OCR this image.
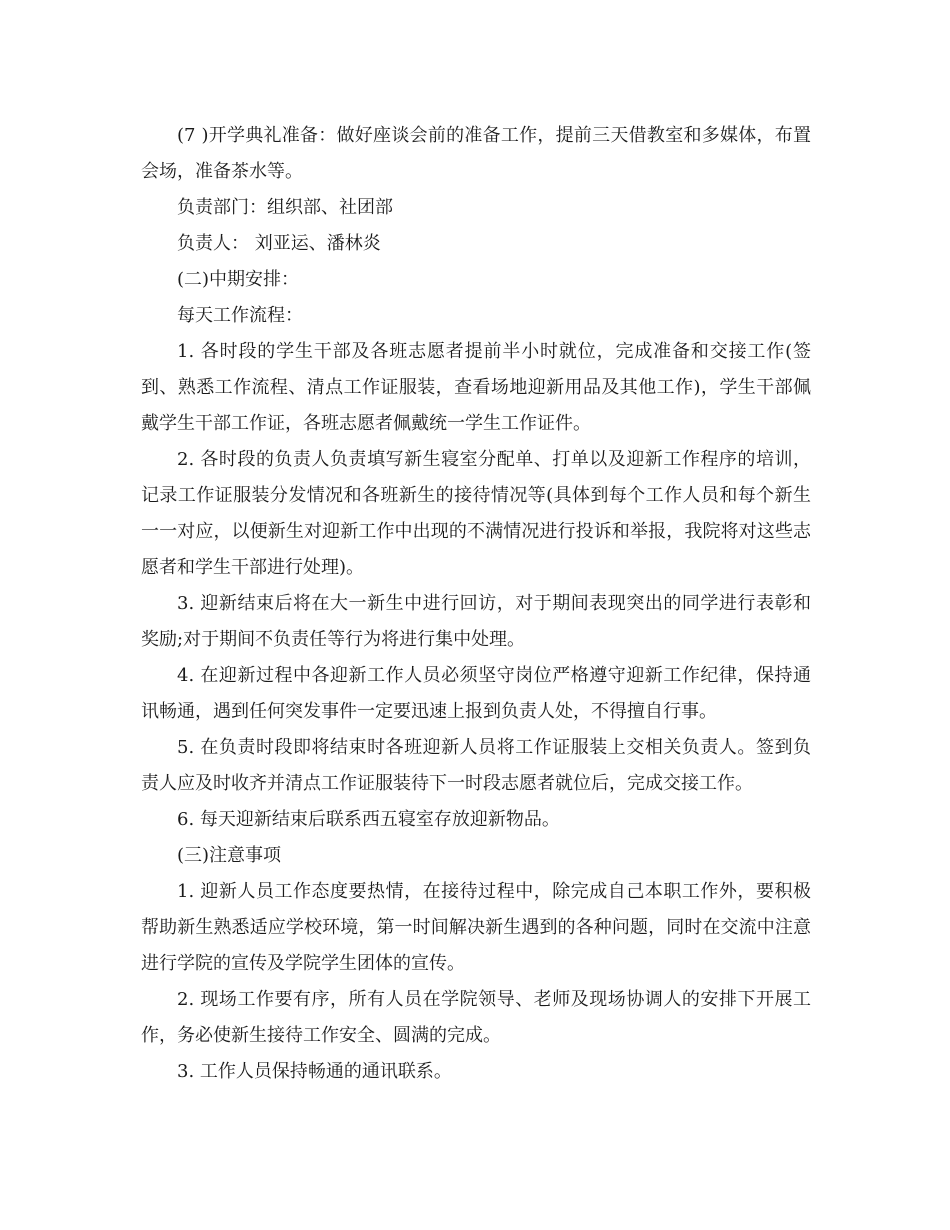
(7 )开学典礼准备：做好座谈会前的准备工作，提前三天借教室和多媒体，布置会场，准备茶水等。

负责部门：组织部、社团部

负责人： 刘亚运、潘林炎

(二)中期安排：

每天工作流程：

1. 各时段的学生干部及各班志愿者提前半小时就位，完成准备和交接工作(签到、熟悉工作流程、清点工作证服装，查看场地迎新用品及其他工作)，学生干部佩戴学生干部工作证，各班志愿者佩戴统一学生工作证件。

2. 各时段的负责人负责填写新生寝室分配单、打单以及迎新工作程序的培训，记录工作证服装分发情况和各班新生的接待情况等(具体到每个工作人员和每个新生一一对应，以便新生对迎新工作中出现的不满情况进行投诉和举报，我院将对这些志愿者和学生干部进行处理)。

3. 迎新结束后将在大一新生中进行回访，对于期间表现突出的同学进行表彰和奖励;对于期间不负责任等行为将进行集中处理。

4. 在迎新过程中各迎新工作人员必须坚守岗位严格遵守迎新工作纪律，保持通讯畅通，遇到任何突发事件一定要迅速上报到负责人处，不得擅自行事。

5. 在负责时段即将结束时各班迎新人员将工作证服装上交相关负责人。签到负责人应及时收齐并清点工作证服装待下一时段志愿者就位后，完成交接工作。

6. 每天迎新结束后联系西五寝室存放迎新物品。

(三)注意事项

1. 迎新人员工作态度要热情，在接待过程中，除完成自己本职工作外，要积极帮助新生熟悉适应学校环境，第一时间解决新生遇到的各种问题，同时在交流中注意进行学院的宣传及学院学生团体的宣传。

2. 现场工作要有序，所有人员在学院领导、老师及现场协调人的安排下开展工作，务必使新生接待工作安全、圆满的完成。

3. 工作人员保持畅通的通讯联系。
